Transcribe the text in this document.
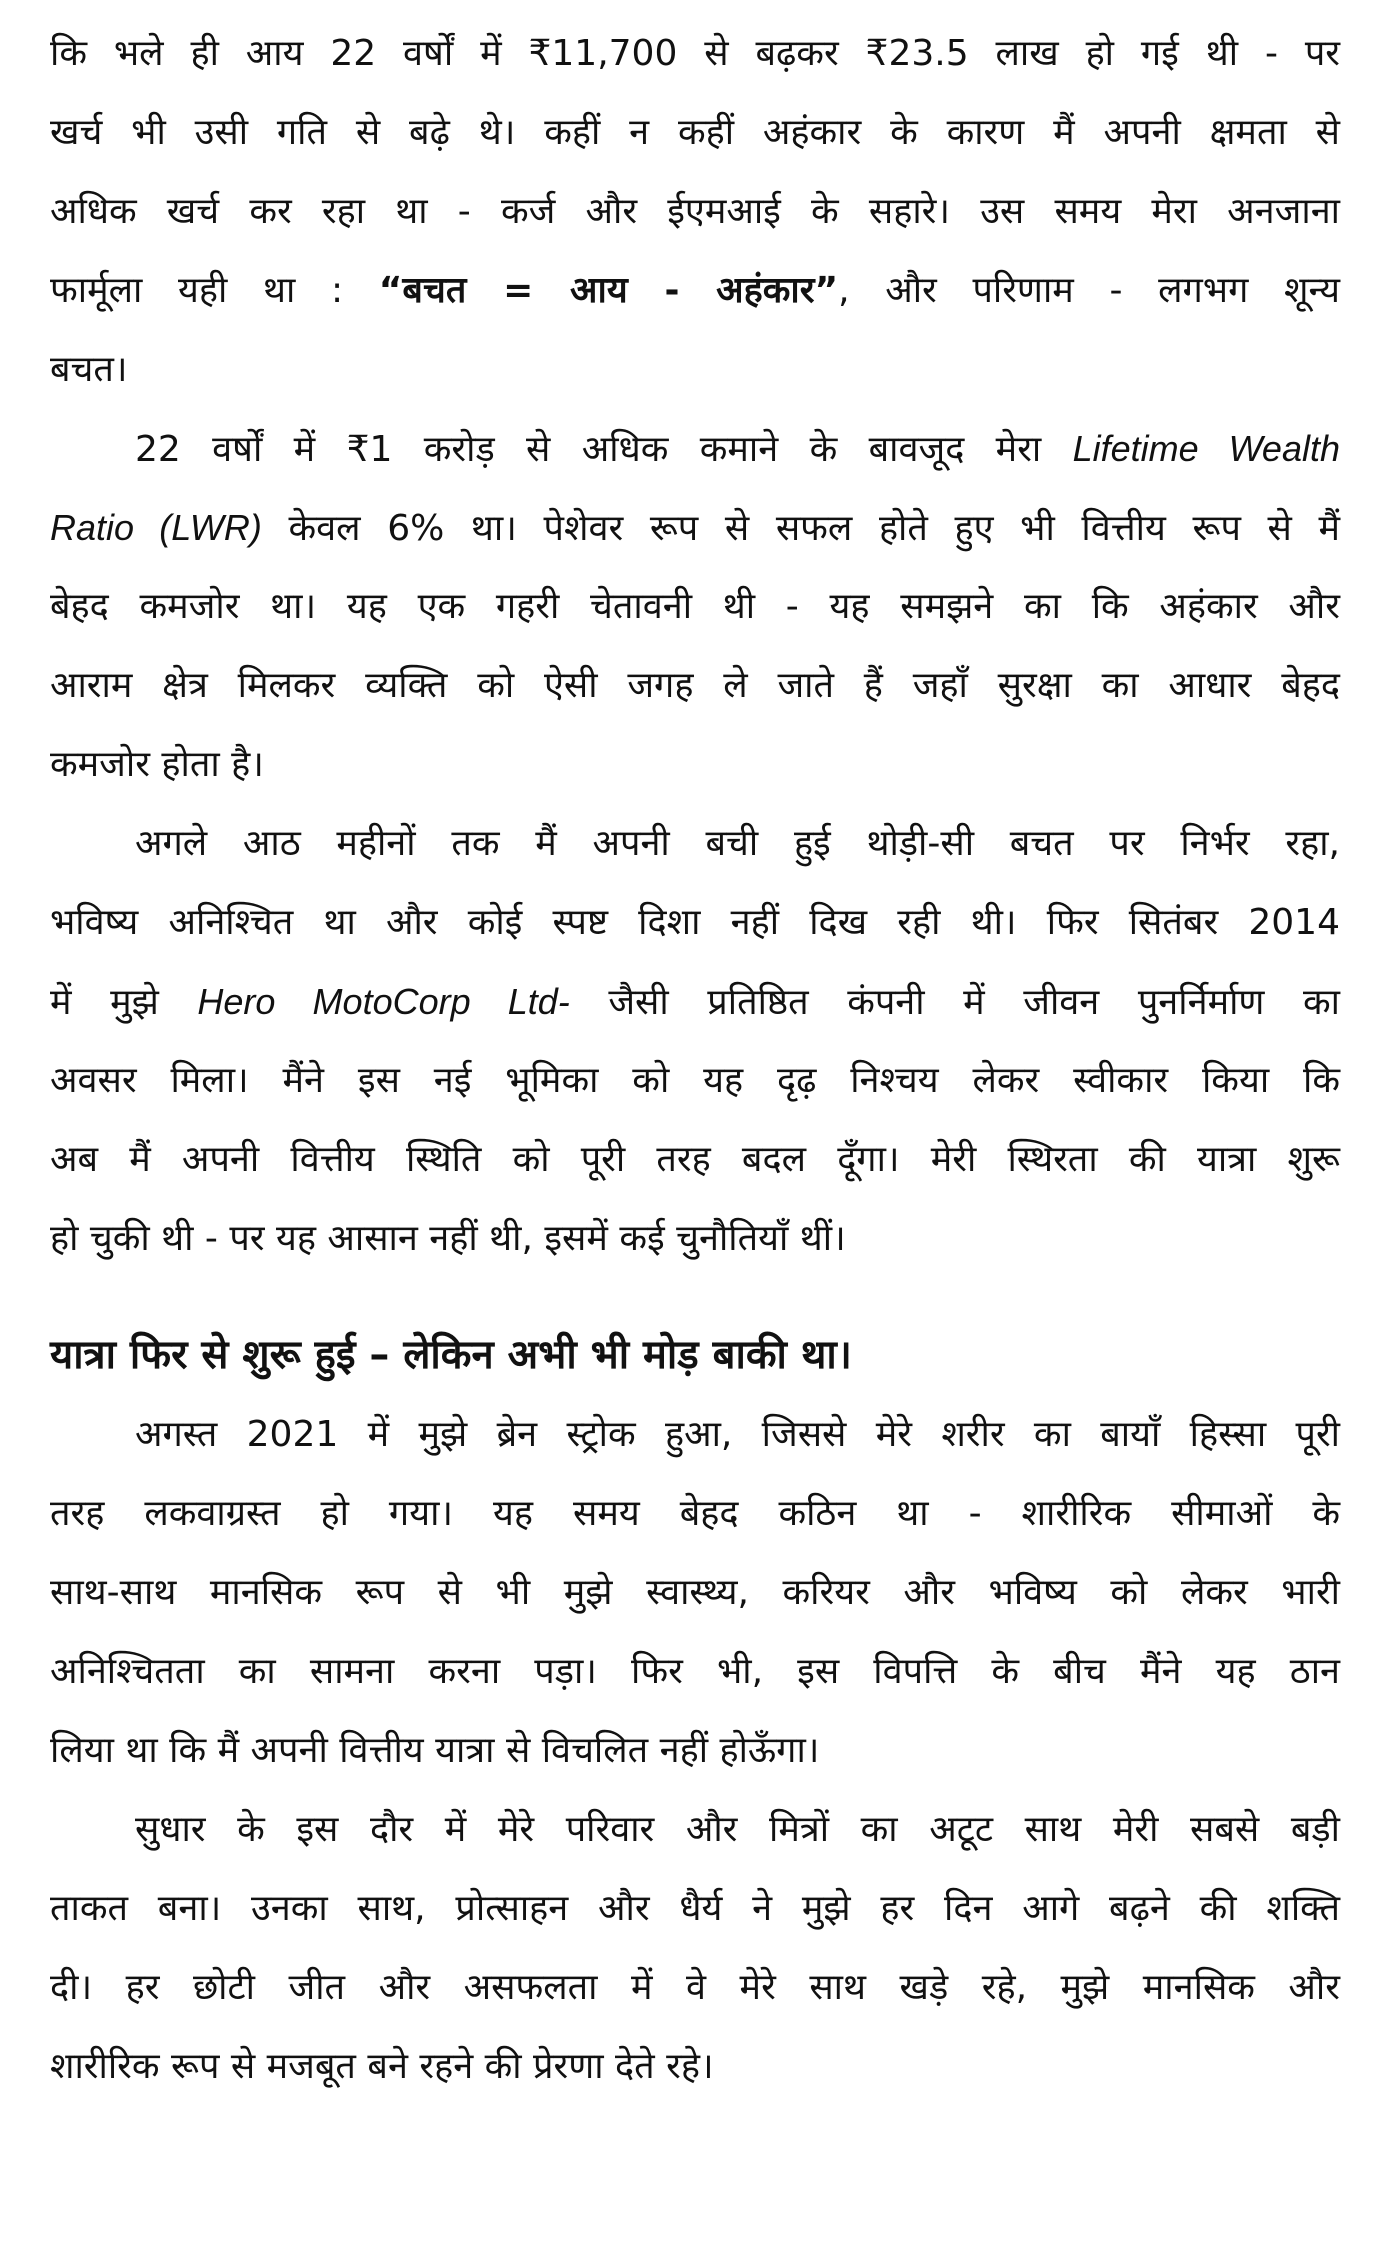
कि भले ही आय 22 वर्षों में ₹11,700 से बढ़कर ₹23.5 लाख हो गई थी - पर
खर्च भी उसी गति से बढ़े थे। कहीं न कहीं अहंकार के कारण मैं अपनी क्षमता से
अधिक खर्च कर रहा था - कर्ज और ईएमआई के सहारे। उस समय मेरा अनजाना
फार्मूला यही था : “बचत = आय - अहंकार”, और परिणाम - लगभग शून्य
बचत।
22 वर्षों में ₹1 करोड़ से अधिक कमाने के बावजूद मेरा Lifetime Wealth
Ratio (LWR) केवल 6% था। पेशेवर रूप से सफल होते हुए भी वित्तीय रूप से मैं
बेहद कमजोर था। यह एक गहरी चेतावनी थी - यह समझने का कि अहंकार और
आराम क्षेत्र मिलकर व्यक्ति को ऐसी जगह ले जाते हैं जहाँ सुरक्षा का आधार बेहद
कमजोर होता है।
अगले आठ महीनों तक मैं अपनी बची हुई थोड़ी-सी बचत पर निर्भर रहा,
भविष्य अनिश्चित था और कोई स्पष्ट दिशा नहीं दिख रही थी। फिर सितंबर 2014
में मुझे Hero MotoCorp Ltd- जैसी प्रतिष्ठित कंपनी में जीवन पुनर्निर्माण का
अवसर मिला। मैंने इस नई भूमिका को यह दृढ़ निश्चय लेकर स्वीकार किया कि
अब मैं अपनी वित्तीय स्थिति को पूरी तरह बदल दूँगा। मेरी स्थिरता की यात्रा शुरू
हो चुकी थी - पर यह आसान नहीं थी, इसमें कई चुनौतियाँ थीं।
यात्रा फिर से शुरू हुई – लेकिन अभी भी मोड़ बाकी था।
अगस्त 2021 में मुझे ब्रेन स्ट्रोक हुआ, जिससे मेरे शरीर का बायाँ हिस्सा पूरी
तरह लकवाग्रस्त हो गया। यह समय बेहद कठिन था - शारीरिक सीमाओं के
साथ-साथ मानसिक रूप से भी मुझे स्वास्थ्य, करियर और भविष्य को लेकर भारी
अनिश्चितता का सामना करना पड़ा। फिर भी, इस विपत्ति के बीच मैंने यह ठान
लिया था कि मैं अपनी वित्तीय यात्रा से विचलित नहीं होऊँगा।
सुधार के इस दौर में मेरे परिवार और मित्रों का अटूट साथ मेरी सबसे बड़ी
ताकत बना। उनका साथ, प्रोत्साहन और धैर्य ने मुझे हर दिन आगे बढ़ने की शक्ति
दी। हर छोटी जीत और असफलता में वे मेरे साथ खड़े रहे, मुझे मानसिक और
शारीरिक रूप से मजबूत बने रहने की प्रेरणा देते रहे।
